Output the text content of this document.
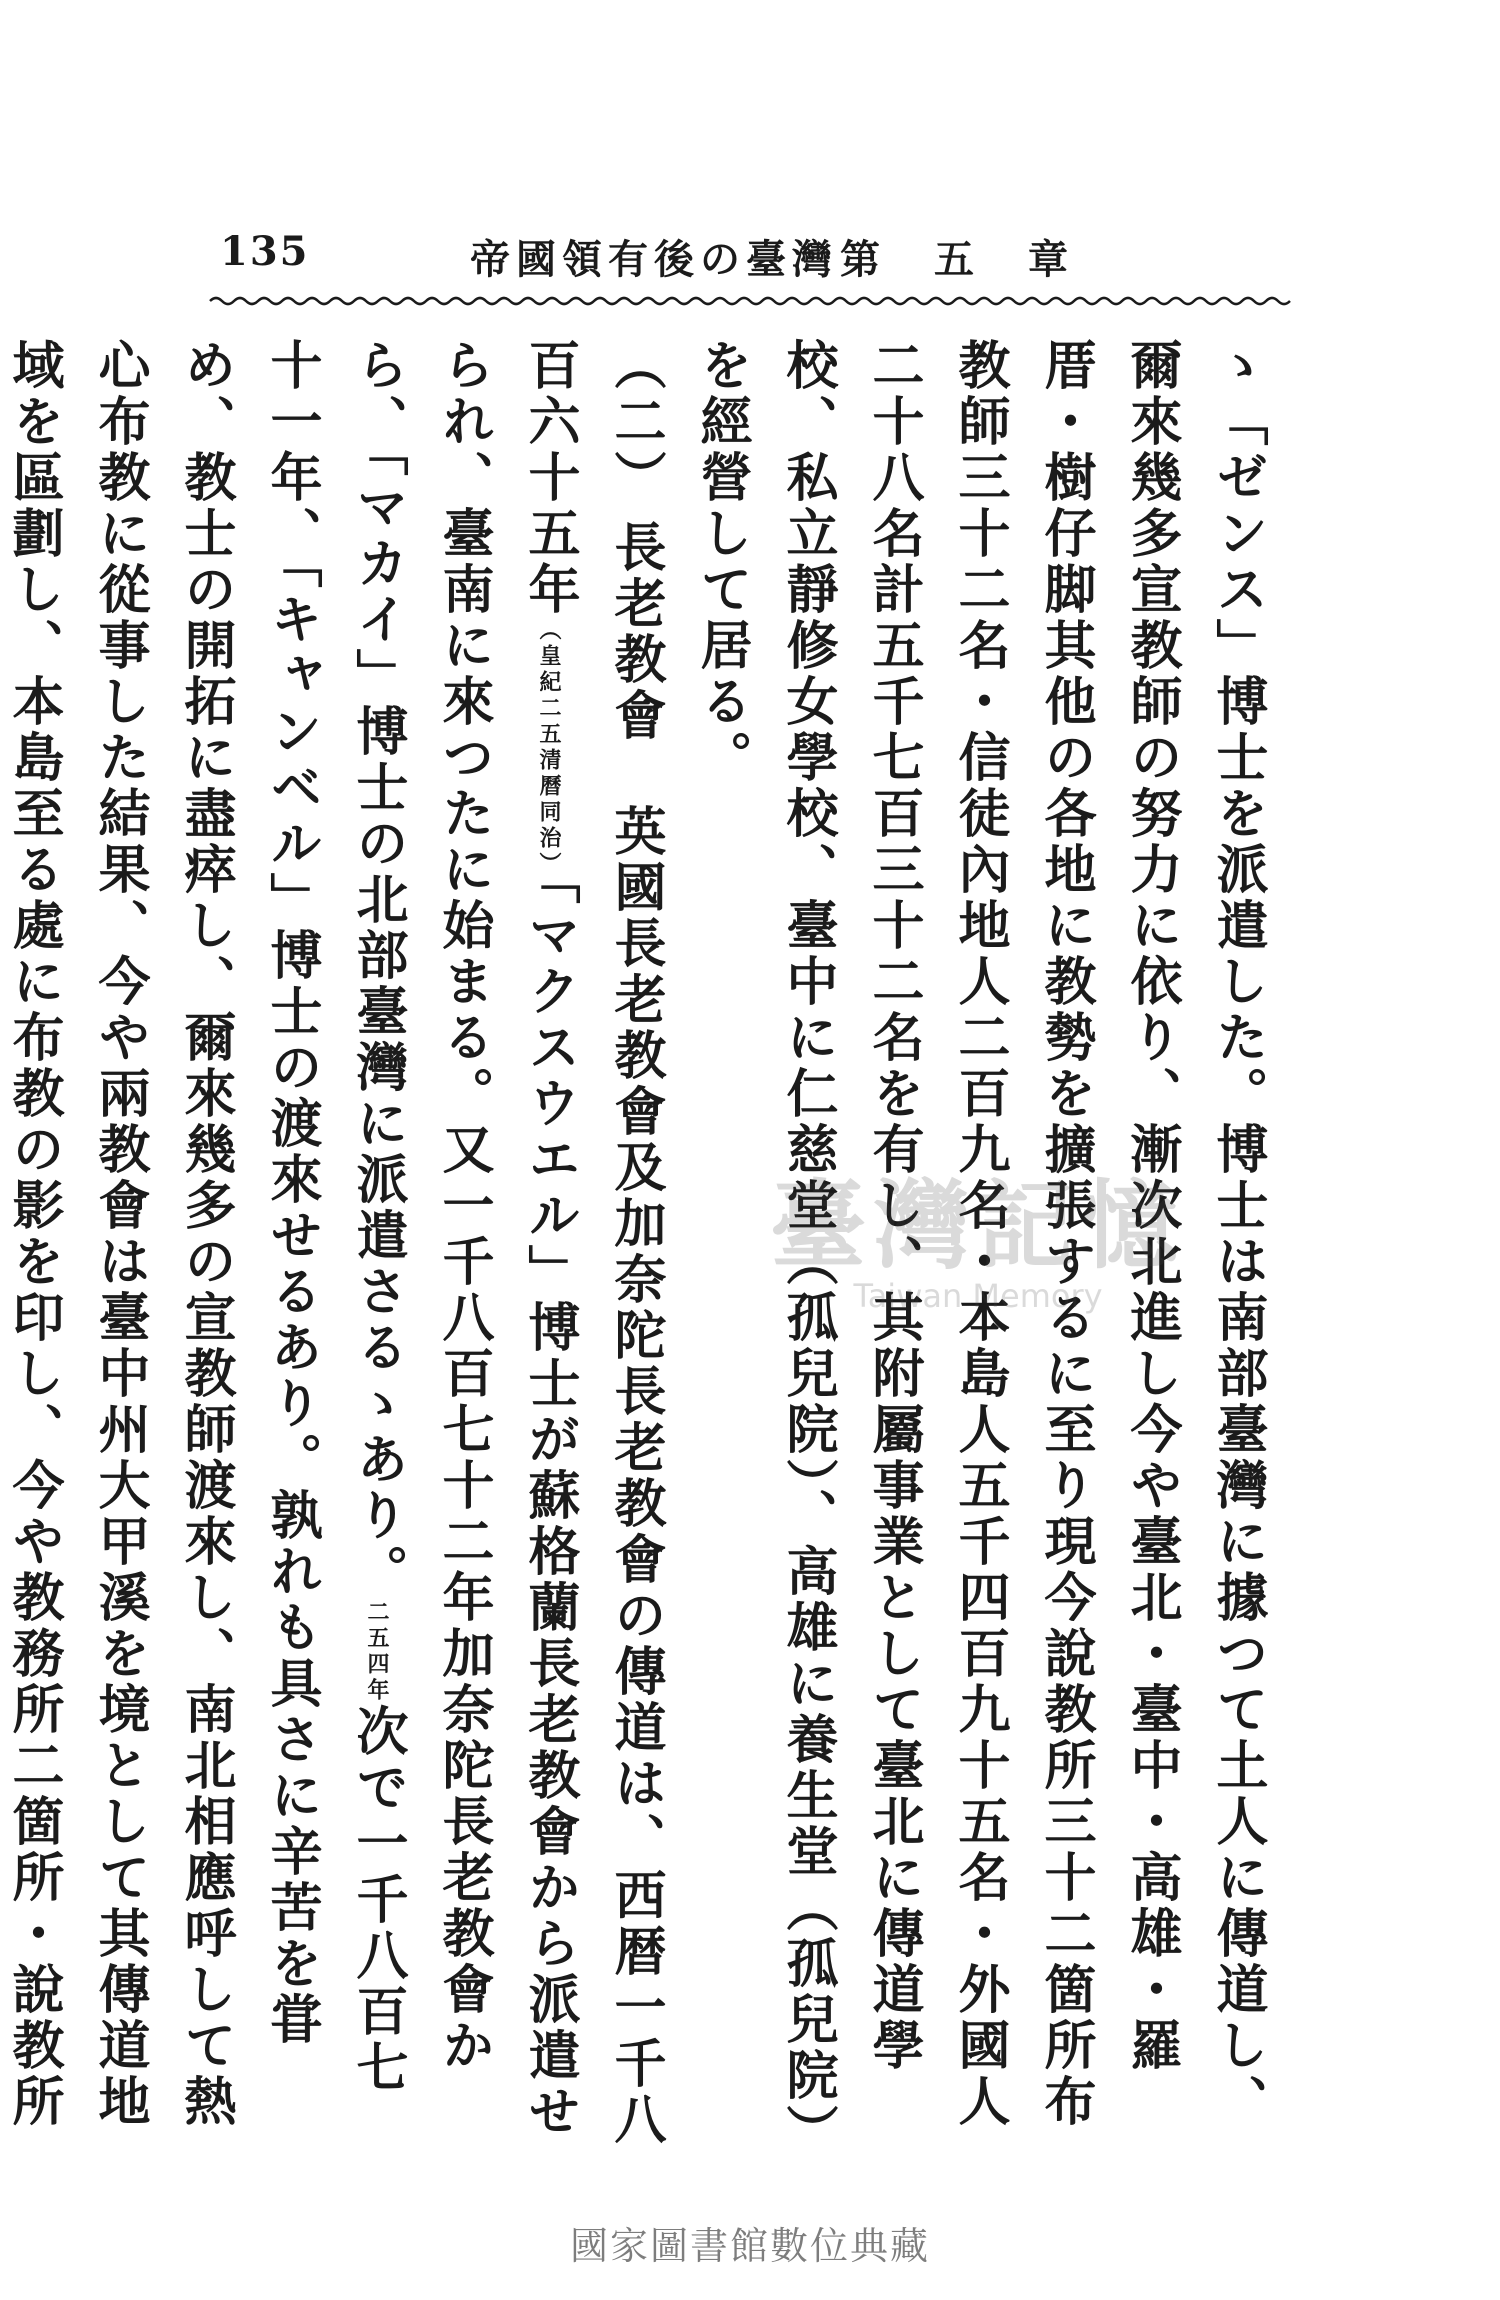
135	帝國領有後の臺灣 第五章
ゝ「ゼンス」博士を派遣した。博士は南部臺灣に據つて土人に傳道し、爾來幾多宣教師の努力に依り、漸次北進し今や臺北・臺中・高雄・羅厝・樹仔脚其他の各地に教勢を擴張するに至り現今說教所三十二箇所布教師三十二名・信徒內地人二百九名・本島人五千四百九十五名・外國人二十八名計五千七百三十二名を有し、其附屬事業として臺北に傳道學校、私立靜修女學校、臺中に仁慈堂（孤兒院）、高雄に養生堂（孤兒院）を經營して居る。
（二）長老教會英國長老教會及加奈陀長老教會の傳道は、西暦一千八百六十五年（皇紀二五清曆同治）「マクスウエル」博士が蘇格蘭長老教會から派遣せられ、臺南に來つたに始まる。又一千八百七十二年加奈陀長老教會から、「マカイ」博士の北部臺灣に派遣さるゝあり。二五四年次で一千八百七十一年、「キャンベル」博士の渡來せるあり。孰れも具さに辛苦を甞め、教士の開拓に盡瘁し、爾來幾多の宣教師渡來し、南北相應呼して熱心布教に從事した結果、今や兩教會は臺中州大甲溪を境として其傳道地域を區劃し、本島至る處に布教の影を印し、今や教務所二箇所・說教所
臺灣記憶
Taiwan Memory
國家圖書館數位典藏
